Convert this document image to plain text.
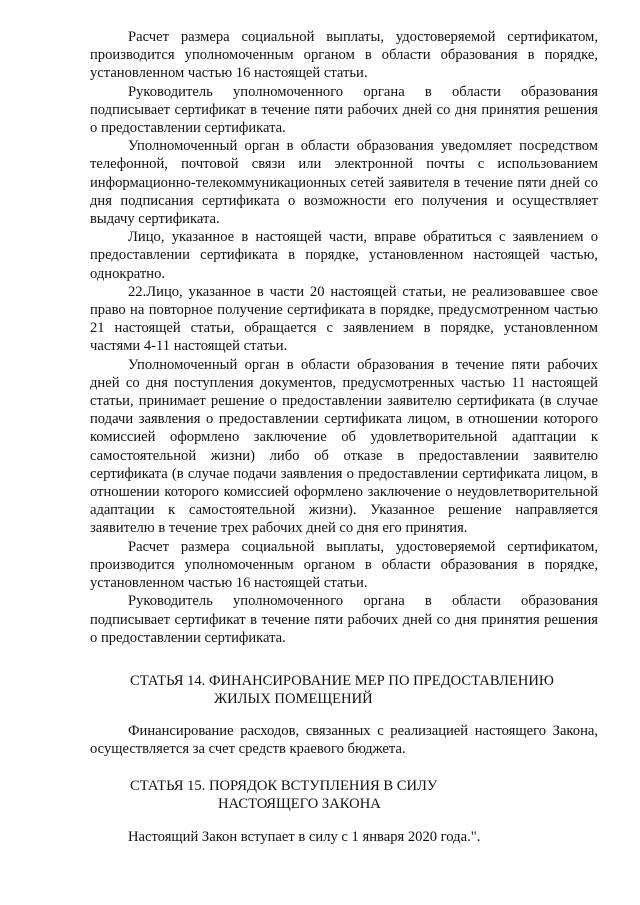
Расчет размера социальной выплаты, удостоверяемой сертификатом, производится уполномоченным органом в области образования в порядке, установленном частью 16 настоящей статьи.

Руководитель уполномоченного органа в области образования подписывает сертификат в течение пяти рабочих дней со дня принятия решения о предоставлении сертификата.

Уполномоченный орган в области образования уведомляет посредством телефонной, почтовой связи или электронной почты с использованием информационно-телекоммуникационных сетей заявителя в течение пяти дней со дня подписания сертификата о возможности его получения и осуществляет выдачу сертификата.

Лицо, указанное в настоящей части, вправе обратиться с заявлением о предоставлении сертификата в порядке, установленном настоящей частью, однократно.

22.Лицо, указанное в части 20 настоящей статьи, не реализовавшее свое право на повторное получение сертификата в порядке, предусмотренном частью 21 настоящей статьи, обращается с заявлением в порядке, установленном частями 4-11 настоящей статьи.

Уполномоченный орган в области образования в течение пяти рабочих дней со дня поступления документов, предусмотренных частью 11 настоящей статьи, принимает решение о предоставлении заявителю сертификата (в случае подачи заявления о предоставлении сертификата лицом, в отношении которого комиссией оформлено заключение об удовлетворительной адаптации к самостоятельной жизни) либо об отказе в предоставлении заявителю сертификата (в случае подачи заявления о предоставлении сертификата лицом, в отношении которого комиссией оформлено заключение о неудовлетворительной адаптации к самостоятельной жизни). Указанное решение направляется заявителю в течение трех рабочих дней со дня его принятия.

Расчет размера социальной выплаты, удостоверяемой сертификатом, производится уполномоченным органом в области образования в порядке, установленном частью 16 настоящей статьи.

Руководитель уполномоченного органа в области образования подписывает сертификат в течение пяти рабочих дней со дня принятия решения о предоставлении сертификата.

СТАТЬЯ 14. ФИНАНСИРОВАНИЕ МЕР ПО ПРЕДОСТАВЛЕНИЮ
ЖИЛЫХ ПОМЕЩЕНИЙ

Финансирование расходов, связанных с реализацией настоящего Закона, осуществляется за счет средств краевого бюджета.

СТАТЬЯ 15. ПОРЯДОК ВСТУПЛЕНИЯ В СИЛУ
НАСТОЯЩЕГО ЗАКОНА

Настоящий Закон вступает в силу с 1 января 2020 года.".
